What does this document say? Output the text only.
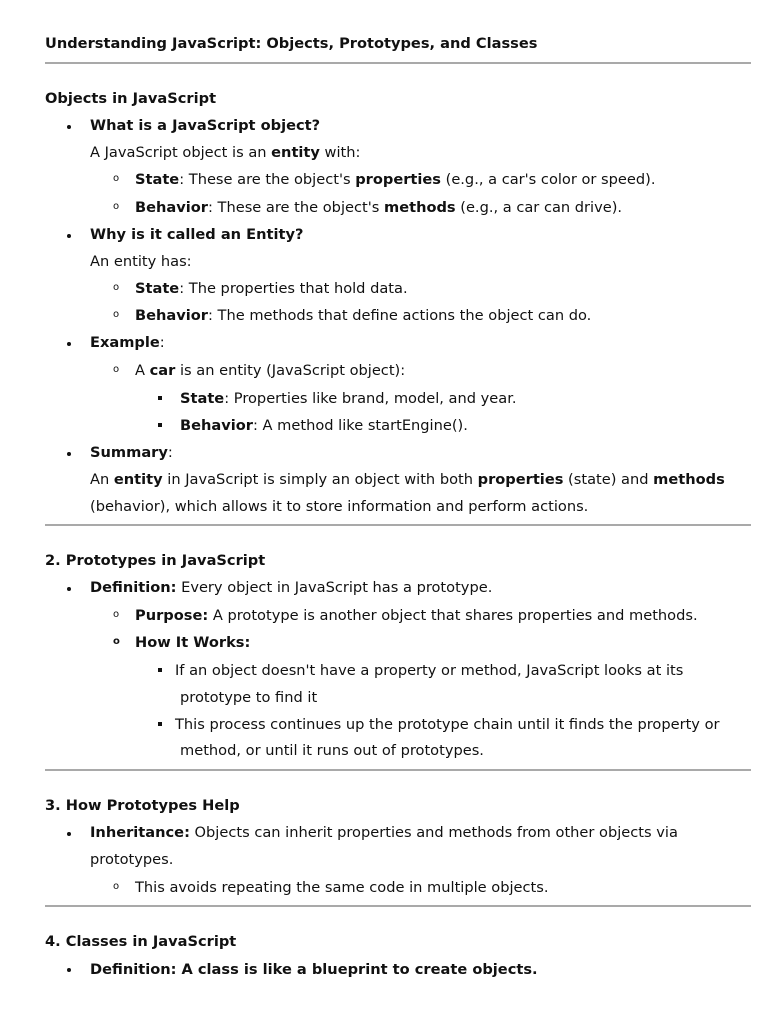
Understanding JavaScript: Objects, Prototypes, and Classes
Objects in JavaScript
What is a JavaScript object?
A JavaScript object is an entity with:
o State: These are the object's properties (e.g., a car's color or speed).
o Behavior: These are the object's methods (e.g., a car can drive).
Why is it called an Entity?
An entity has:
o State: The properties that hold data.
o Behavior: The methods that define actions the object can do.
Example:
o A car is an entity (JavaScript object):
State: Properties like brand, model, and year.
Behavior: A method like startEngine().
Summary:
An entity in JavaScript is simply an object with both properties (state) and methods
(behavior), which allows it to store information and perform actions.
2. Prototypes in JavaScript
Definition: Every object in JavaScript has a prototype.
o Purpose: A prototype is another object that shares properties and methods.
o How It Works:
If an object doesn't have a property or method, JavaScript looks at its
prototype to find it
This process continues up the prototype chain until it finds the property or
method, or until it runs out of prototypes.
3. How Prototypes Help
Inheritance: Objects can inherit properties and methods from other objects via
prototypes.
o This avoids repeating the same code in multiple objects.
4. Classes in JavaScript
Definition: A class is like a blueprint to create objects.
